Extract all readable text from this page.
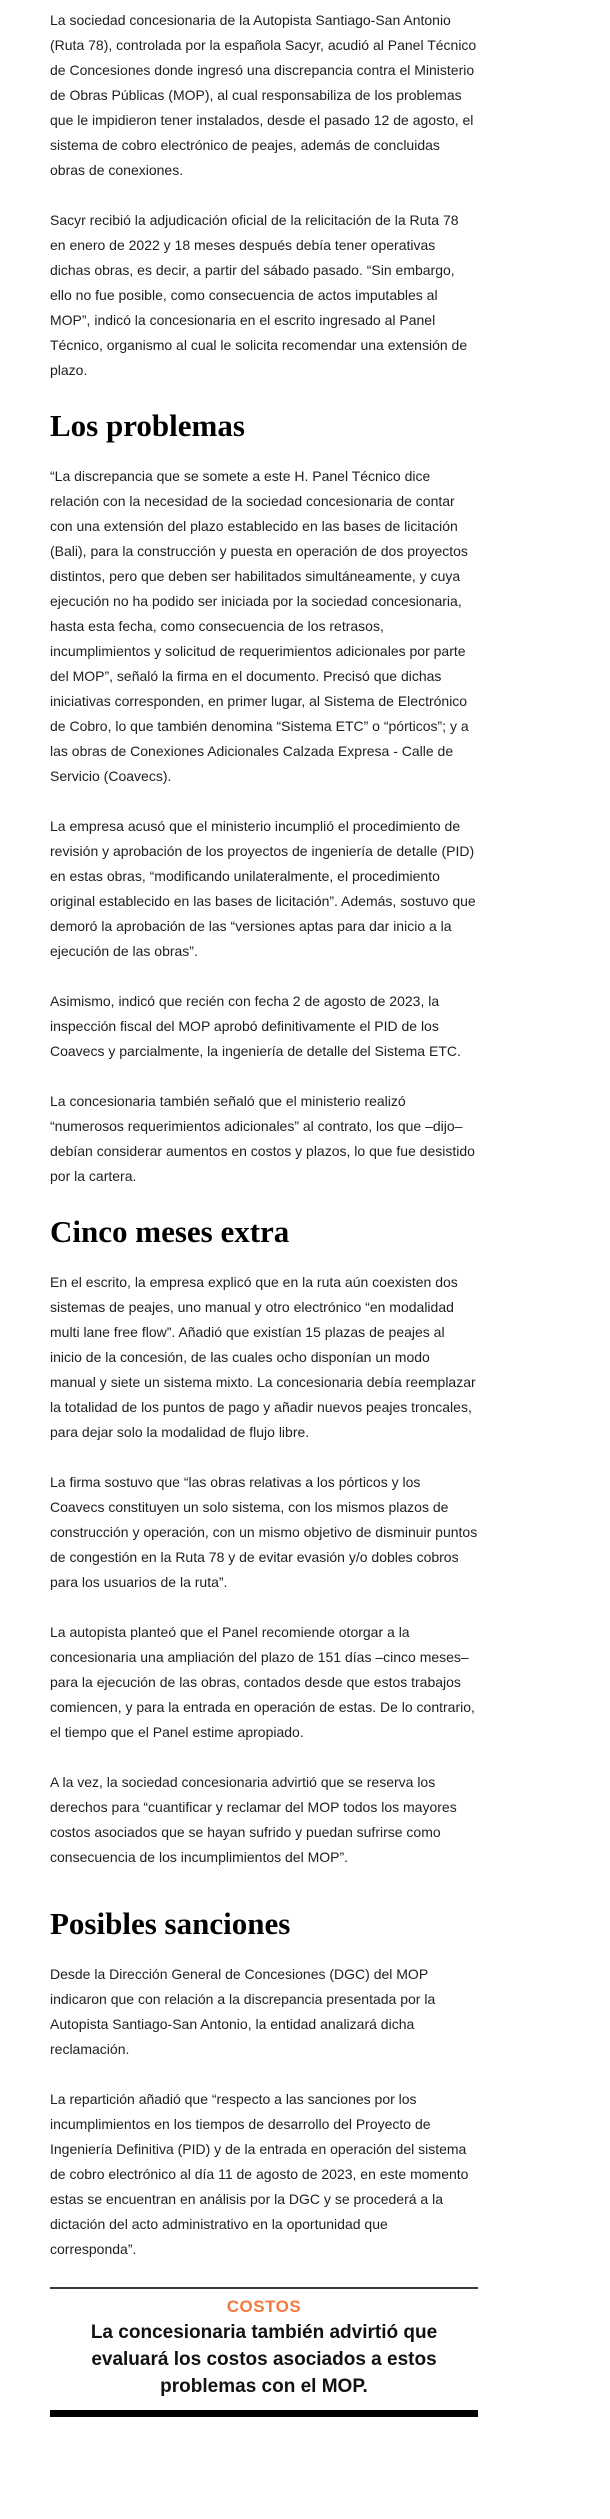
La sociedad concesionaria de la Autopista Santiago-San Antonio (Ruta 78), controlada por la española Sacyr, acudió al Panel Técnico de Concesiones donde ingresó una discrepancia contra el Ministerio de Obras Públicas (MOP), al cual responsabiliza de los problemas que le impidieron tener instalados, desde el pasado 12 de agosto, el sistema de cobro electrónico de peajes, además de concluidas obras de conexiones.

Sacyr recibió la adjudicación oficial de la relicitación de la Ruta 78 en enero de 2022 y 18 meses después debía tener operativas dichas obras, es decir, a partir del sábado pasado. “Sin embargo, ello no fue posible, como consecuencia de actos imputables al MOP”, indicó la concesionaria en el escrito ingresado al Panel Técnico, organismo al cual le solicita recomendar una extensión de plazo.

Los problemas

“La discrepancia que se somete a este H. Panel Técnico dice relación con la necesidad de la sociedad concesionaria de contar con una extensión del plazo establecido en las bases de licitación (Bali), para la construcción y puesta en operación de dos proyectos distintos, pero que deben ser habilitados simultáneamente, y cuya ejecución no ha podido ser iniciada por la sociedad concesionaria, hasta esta fecha, como consecuencia de los retrasos, incumplimientos y solicitud de requerimientos adicionales por parte del MOP”, señaló la firma en el documento. Precisó que dichas iniciativas corresponden, en primer lugar, al Sistema de Electrónico de Cobro, lo que también denomina “Sistema ETC” o “pórticos”; y a las obras de Conexiones Adicionales Calzada Expresa - Calle de Servicio (Coavecs).

La empresa acusó que el ministerio incumplió el procedimiento de revisión y aprobación de los proyectos de ingeniería de detalle (PID) en estas obras, “modificando unilateralmente, el procedimiento original establecido en las bases de licitación”. Además, sostuvo que demoró la aprobación de las “versiones aptas para dar inicio a la ejecución de las obras”.

Asimismo, indicó que recién con fecha 2 de agosto de 2023, la inspección fiscal del MOP aprobó definitivamente el PID de los Coavecs y parcialmente, la ingeniería de detalle del Sistema ETC.

La concesionaria también señaló que el ministerio realizó “numerosos requerimientos adicionales” al contrato, los que –dijo– debían considerar aumentos en costos y plazos, lo que fue desistido por la cartera.

Cinco meses extra

En el escrito, la empresa explicó que en la ruta aún coexisten dos sistemas de peajes, uno manual y otro electrónico “en modalidad multi lane free flow”. Añadió que existían 15 plazas de peajes al inicio de la concesión, de las cuales ocho disponían un modo manual y siete un sistema mixto. La concesionaria debía reemplazar la totalidad de los puntos de pago y añadir nuevos peajes troncales, para dejar solo la modalidad de flujo libre.

La firma sostuvo que “las obras relativas a los pórticos y los Coavecs constituyen un solo sistema, con los mismos plazos de construcción y operación, con un mismo objetivo de disminuir puntos de congestión en la Ruta 78 y de evitar evasión y/o dobles cobros para los usuarios de la ruta”.

La autopista planteó que el Panel recomiende otorgar a la concesionaria una ampliación del plazo de 151 días –cinco meses– para la ejecución de las obras, contados desde que estos trabajos comiencen, y para la entrada en operación de estas. De lo contrario, el tiempo que el Panel estime apropiado.

A la vez, la sociedad concesionaria advirtió que se reserva los derechos para “cuantificar y reclamar del MOP todos los mayores costos asociados que se hayan sufrido y puedan sufrirse como consecuencia de los incumplimientos del MOP”.

Posibles sanciones

Desde la Dirección General de Concesiones (DGC) del MOP indicaron que con relación a la discrepancia presentada por la Autopista Santiago-San Antonio, la entidad analizará dicha reclamación.

La repartición añadió que “respecto a las sanciones por los incumplimientos en los tiempos de desarrollo del Proyecto de Ingeniería Definitiva (PID) y de la entrada en operación del sistema de cobro electrónico al día 11 de agosto de 2023, en este momento estas se encuentran en análisis por la DGC y se procederá a la dictación del acto administrativo en la oportunidad que corresponda”.

COSTOS
La concesionaria también advirtió que evaluará los costos asociados a estos problemas con el MOP.
